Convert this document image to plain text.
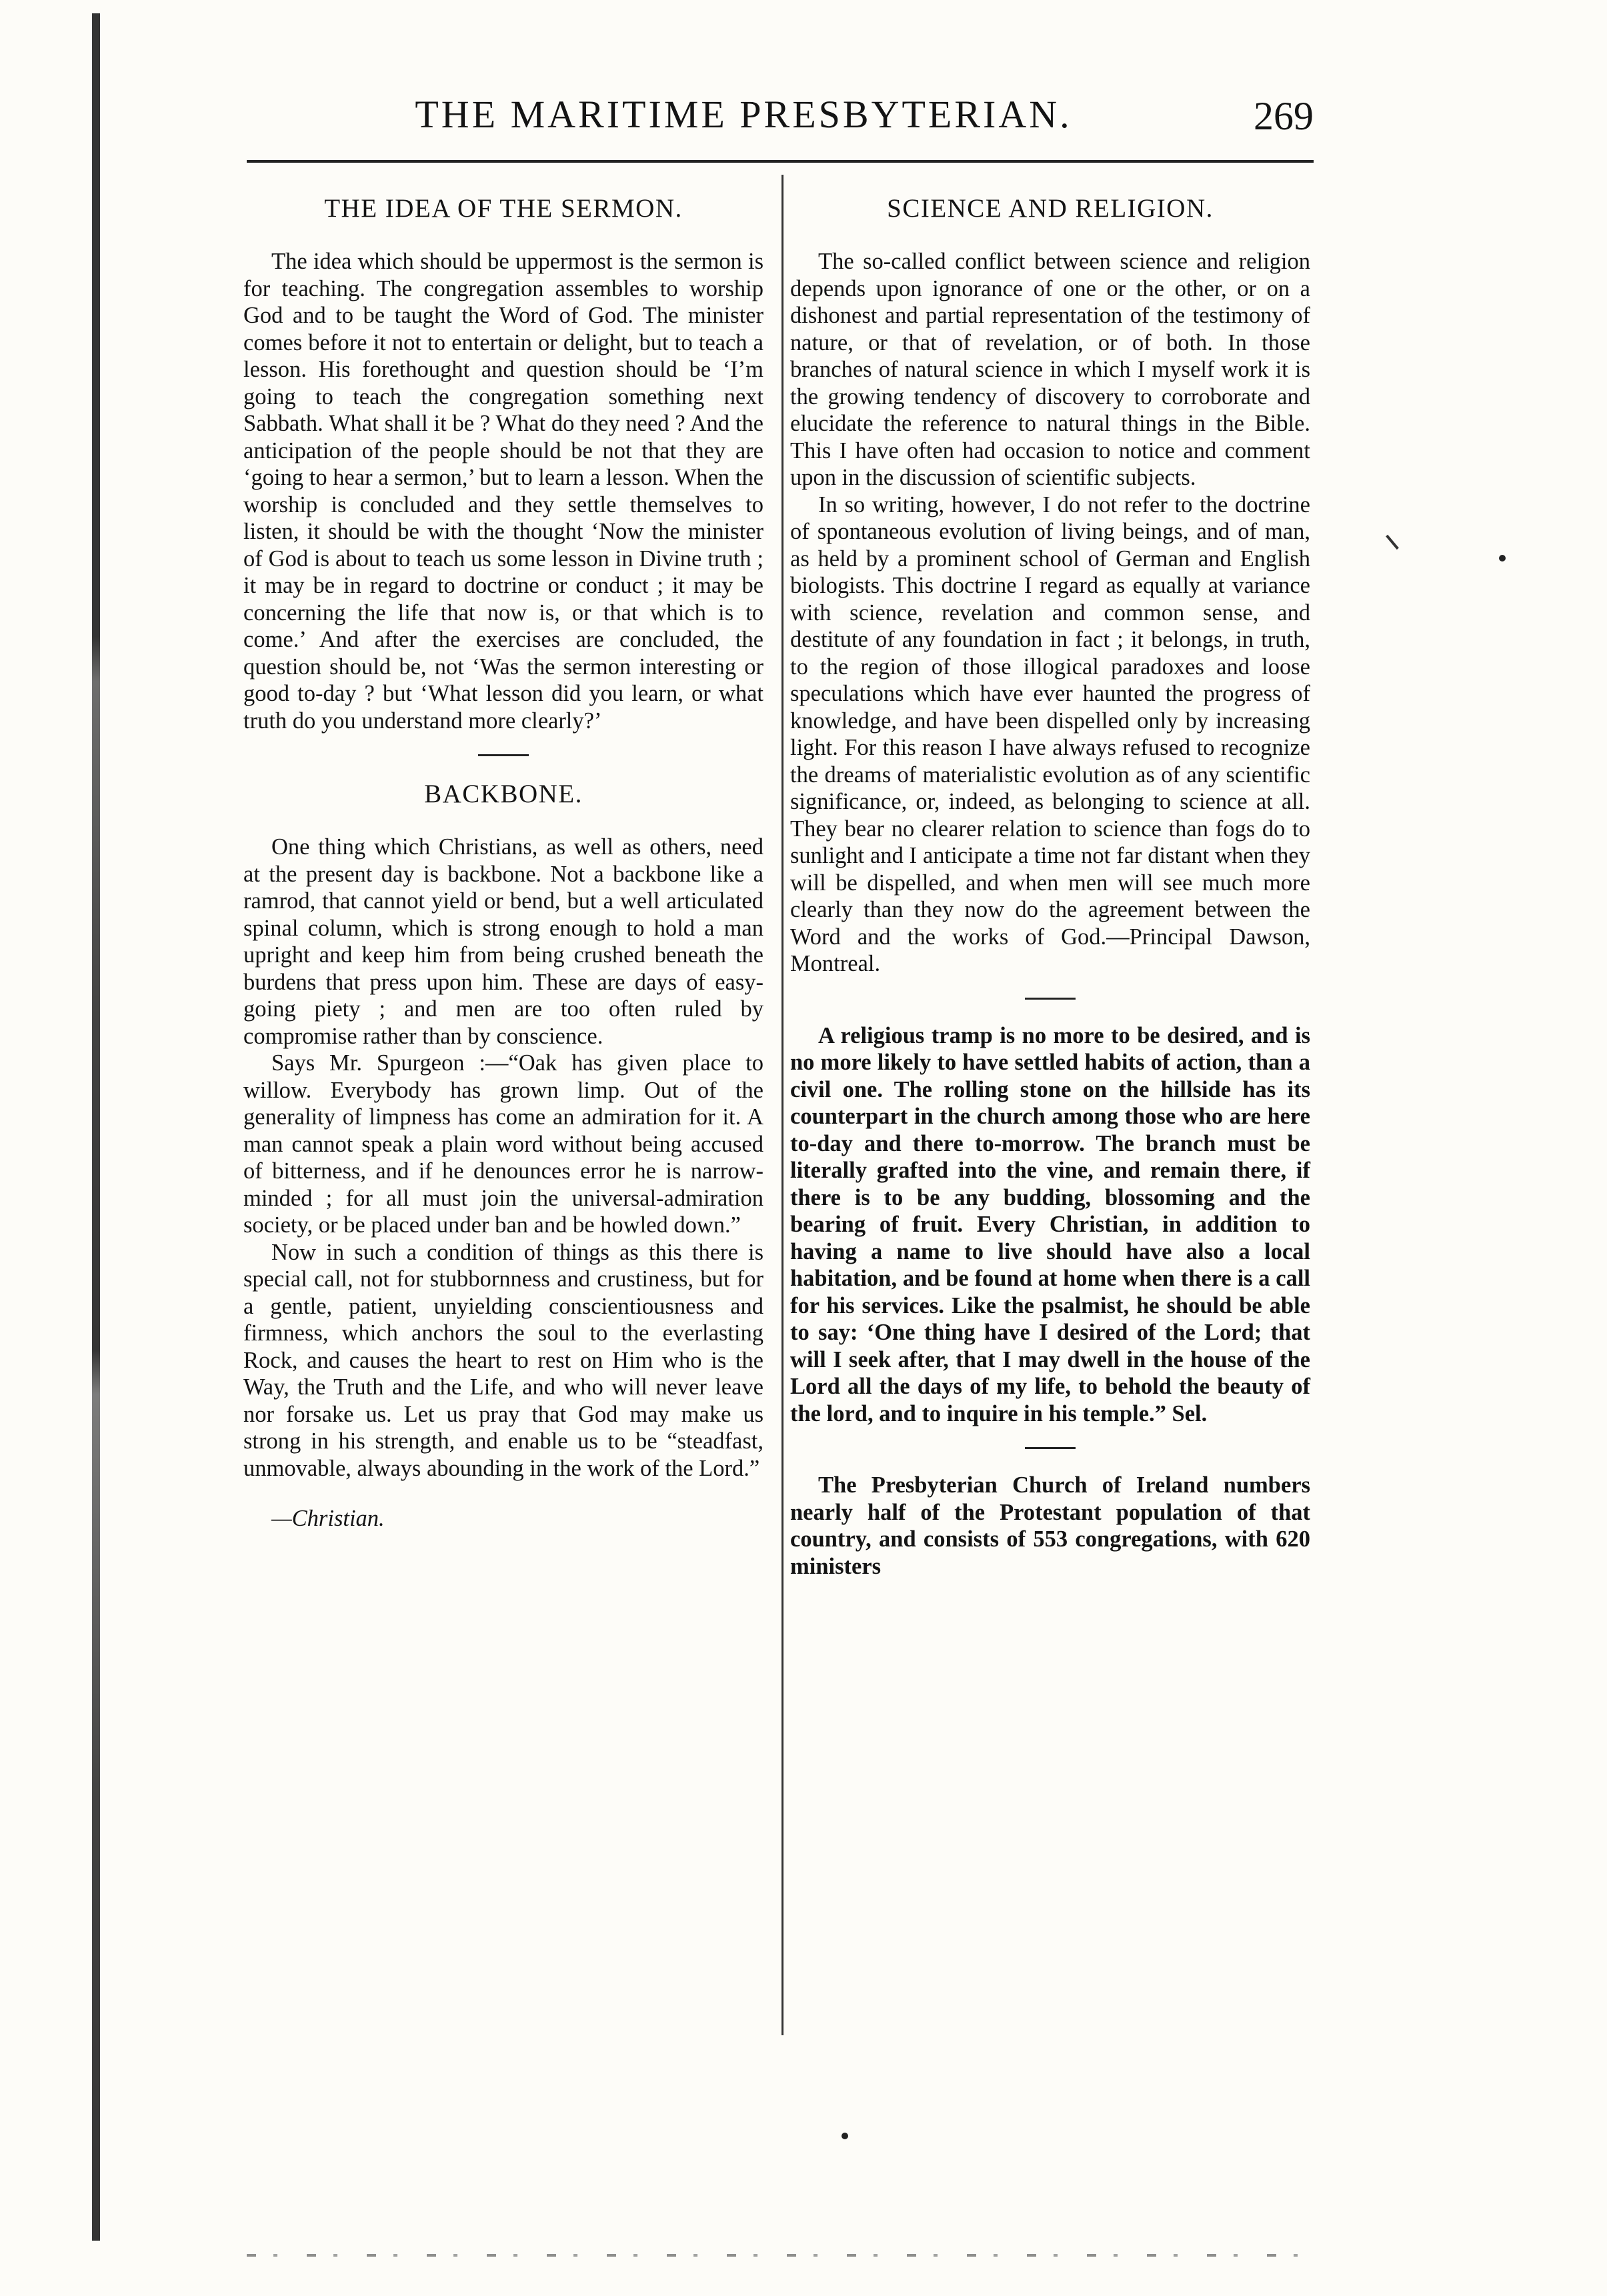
THE MARITIME PRESBYTERIAN.	269
THE IDEA OF THE SERMON.

The idea which should be uppermost is the sermon is for teaching. The congregation assembles to worship God and to be taught the Word of God. The minister comes before it not to entertain or delight, but to teach a lesson. His forethought and question should be ‘I’m going to teach the congregation something next Sabbath. What shall it be ? What do they need ? And the anticipation of the people should be not that they are ‘going to hear a sermon,’ but to learn a lesson. When the worship is concluded and they settle themselves to listen, it should be with the thought ‘Now the minister of God is about to teach us some lesson in Divine truth ; it may be in regard to doctrine or conduct ; it may be concerning the life that now is, or that which is to come.’ And after the exercises are concluded, the question should be, not ‘Was the sermon interesting or good to-day ? but ‘What lesson did you learn, or what truth do you understand more clearly?’

BACKBONE.

One thing which Christians, as well as others, need at the present day is backbone. Not a backbone like a ramrod, that cannot yield or bend, but a well articulated spinal column, which is strong enough to hold a man upright and keep him from being crushed beneath the burdens that press upon him. These are days of easy-going piety ; and men are too often ruled by compromise rather than by conscience.

Says Mr. Spurgeon :—“Oak has given place to willow. Everybody has grown limp. Out of the generality of limpness has come an admiration for it. A man cannot speak a plain word without being accused of bitterness, and if he denounces error he is narrow-minded ; for all must join the universal-admiration society, or be placed under ban and be howled down.”

Now in such a condition of things as this there is special call, not for stubbornness and crustiness, but for a gentle, patient, unyielding conscientiousness and firmness, which anchors the soul to the everlasting Rock, and causes the heart to rest on Him who is the Way, the Truth and the Life, and who will never leave nor forsake us. Let us pray that God may make us strong in his strength, and enable us to be “steadfast, unmovable, always abounding in the work of the Lord.”

—Christian.

SCIENCE AND RELIGION.

The so-called conflict between science and religion depends upon ignorance of one or the other, or on a dishonest and partial representation of the testimony of nature, or that of revelation, or of both. In those branches of natural science in which I myself work it is the growing tendency of discovery to corroborate and elucidate the reference to natural things in the Bible. This I have often had occasion to notice and comment upon in the discussion of scientific subjects.

In so writing, however, I do not refer to the doctrine of spontaneous evolution of living beings, and of man, as held by a prominent school of German and English biologists. This doctrine I regard as equally at variance with science, revelation and common sense, and destitute of any foundation in fact ; it belongs, in truth, to the region of those illogical paradoxes and loose speculations which have ever haunted the progress of knowledge, and have been dispelled only by increasing light. For this reason I have always refused to recognize the dreams of materialistic evolution as of any scientific significance, or, indeed, as belonging to science at all. They bear no clearer relation to science than fogs do to sunlight and I anticipate a time not far distant when they will be dispelled, and when men will see much more clearly than they now do the agreement between the Word and the works of God.—Principal Dawson, Montreal.

A religious tramp is no more to be desired, and is no more likely to have settled habits of action, than a civil one. The rolling stone on the hillside has its counterpart in the church among those who are here to-day and there to-morrow. The branch must be literally grafted into the vine, and remain there, if there is to be any budding, blossoming and the bearing of fruit. Every Christian, in addition to having a name to live should have also a local habitation, and be found at home when there is a call for his services. Like the psalmist, he should be able to say: ‘One thing have I desired of the Lord; that will I seek after, that I may dwell in the house of the Lord all the days of my life, to behold the beauty of the lord, and to inquire in his temple.” Sel.

The Presbyterian Church of Ireland numbers nearly half of the Protestant population of that country, and consists of 553 congregations, with 620 ministers
